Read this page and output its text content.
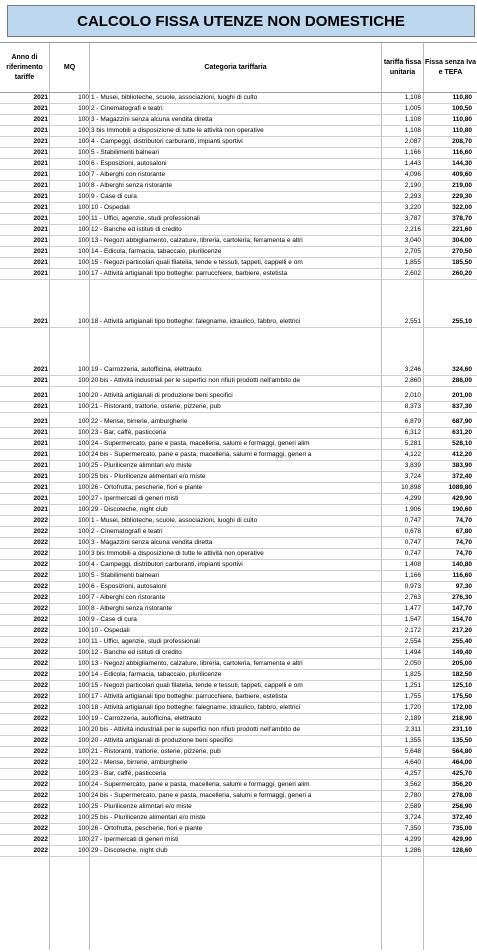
CALCOLO FISSA UTENZE NON DOMESTICHE
Anno di riferimento tariffe
MQ	Categoria tariffaria
tariffa fissa unitaria
Fissa senza Iva e TEFA
2021	100 1 - Musei, biblioteche, scuole, associazioni, luoghi di culto	1,108	110,80
2021	100 2 - Cinematografi e teatri	1,005	100,50
2021	100 3 - Magazzini senza alcuna vendita diretta	1,108	110,80
2021	100 3 bis Immobili a disposizione di tutte le attività non operative	1,108	110,80
2021	100 4 - Campeggi, distributori carburanti, impianti sportivi	2,087	208,70
2021	100 5 - Stabilimenti balneari	1,166	116,60
2021	100 6 - Esposizioni, autosaloni	1,443	144,30
2021	100 7 - Alberghi con ristorante	4,096	409,60
2021	100 8 - Alberghi senza ristorante	2,190	219,00
2021	100 9 - Case di cura	2,293	229,30
2021	100 10 - Ospedali	3,220	322,00
2021	100 11 - Uffici, agenzie, studi professionali	3,787	378,70
2021	100 12 - Banche ed istituti di credito	2,216	221,60
2021	100 13 - Negozi abbigliamento, calzature, libreria, cartoleria, ferramenta e altri	3,040	304,00
2021	100 14 - Edicola, farmacia, tabaccaio, plurilicenze	2,705	270,50
2021	100 15 - Negozi particolari quali filatelia, tende e tessuti, tappeti, cappelli e om	1,855	185,50
2021	100 17 - Attività artigianali tipo botteghe: parrucchiere, barbiere, estetista	2,602	260,20
2021	100 18 - Attività artigianali tipo botteghe: falegname, idraulico, fabbro, elettrici	2,551	255,10
2021	100 19 - Carrozzeria, autofficina, elettrauto	3,246	324,60
2021	100 20 bis - Attività industriali per le superfici non rifiuti prodotti nell'ambito de	2,860	286,00
2021	100 20 - Attività artigianali di produzione beni specifici	2,010	201,00
2021	100 21 - Ristoranti, trattorie, osterie, pizzerie, pub	8,373	837,30
2021	100 22 - Mense, birrerie, amburgherie	6,879	687,90
2021	100 23 - Bar, caffè, pasticceria	6,312	631,20
2021	100 24 - Supermercato, pane e pasta, macelleria, salumi e formaggi, generi alim	5,281	528,10
2021	100 24 bis - Supermercato, pane e pasta, macelleria, salumi e formaggi, generi a	4,122	412,20
2021	100 25 - Plurilicenze alimntari e/o miste	3,839	383,90
2021	100 25 bis - Plurilicenze alimentari e/o miste	3,724	372,40
2021	100 26 - Ortofrutta, pescherie, fiori e piante	10,898	1089,80
2021	100 27 - Ipermercati di generi misti	4,299	429,90
2021	100 29 - Discoteche, night club	1,906	190,60
2022	100 1 - Musei, biblioteche, scuole, associazioni, luoghi di culto	0,747	74,70
2022	100 2 - Cinematografi e teatri	0,678	67,80
2022	100 3 - Magazzini senza alcuna vendita diretta	0,747	74,70
2022	100 3 bis Immobili a disposizione di tutte le attività non operative	0,747	74,70
2022	100 4 - Campeggi, distributori carburanti, impianti sportivi	1,408	140,80
2022	100 5 - Stabilimenti balneari	1,166	116,60
2022	100 6 - Esposizioni, autosaloni	0,973	97,30
2022	100 7 - Alberghi con ristorante	2,763	276,30
2022	100 8 - Alberghi senza ristorante	1,477	147,70
2022	100 9 - Case di cura	1,547	154,70
2022	100 10 - Ospedali	2,172	217,20
2022	100 11 - Uffici, agenzie, studi professionali	2,554	255,40
2022	100 12 - Banche ed istituti di credito	1,494	149,40
2022	100 13 - Negozi abbigliamento, calzature, libreria, cartoleria, ferramenta e altri	2,050	205,00
2022	100 14 - Edicola, farmacia, tabaccaio, plurilicenze	1,825	182,50
2022	100 15 - Negozi particolari quali filatelia, tende e tessuti, tappeti, cappelli e om	1,251	125,10
2022	100 17 - Attività artigianali tipo botteghe: parrucchiere, barbiere, estetista	1,755	175,50
2022	100 18 - Attività artigianali tipo botteghe: falegname, idraulico, fabbro, elettrici	1,720	172,00
2022	100 19 - Carrozzeria, autofficina, elettrauto	2,189	218,90
2022	100 20 bis - Attività industriali per le superfici non rifiuti prodotti nell'ambito de	2,311	231,10
2022	100 20 - Attività artigianali di produzione beni specifici	1,355	135,50
2022	100 21 - Ristoranti, trattorie, osterie, pizzerie, pub	5,648	564,80
2022	100 22 - Mense, birrerie, amburgherie	4,640	464,00
2022	100 23 - Bar, caffè, pasticceria	4,257	425,70
2022	100 24 - Supermercato, pane e pasta, macelleria, salumi e formaggi, generi alim	3,562	356,20
2022	100 24 bis - Supermercato, pane e pasta, macelleria, salumi e formaggi, generi a	2,780	278,00
2022	100 25 - Plurilicenze alimntari e/o miste	2,589	258,90
2022	100 25 bis - Plurilicenze alimentari e/o miste	3,724	372,40
2022	100 26 - Ortofrutta, pescherie, fiori e piante	7,350	735,00
2022	100 27 - Ipermercati di generi misti	4,299	429,90
2022	100 29 - Discoteche, night club	1,286	128,60
